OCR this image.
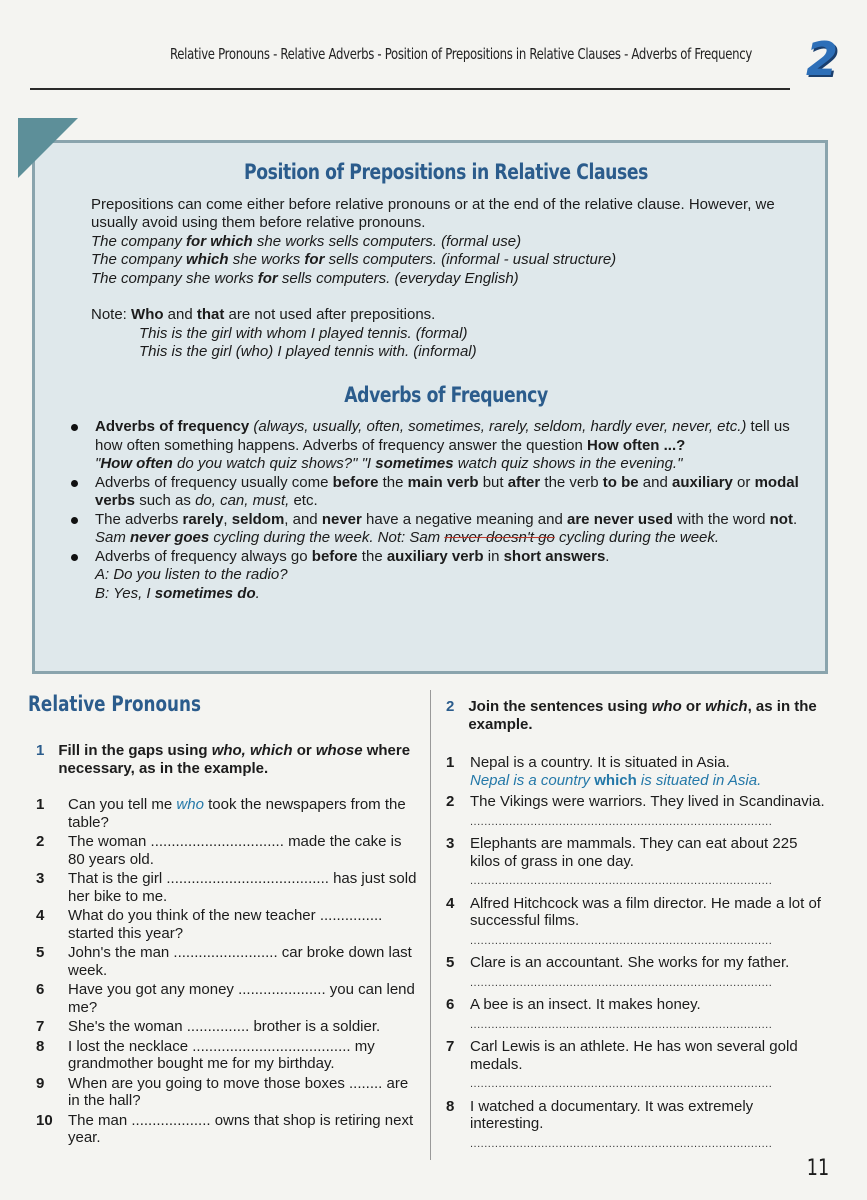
Relative Pronouns - Relative Adverbs - Position of Prepositions in Relative Clauses - Adverbs of Frequency 2
Position of Prepositions in Relative Clauses

Prepositions can come either before relative pronouns or at the end of the relative clause. However, we usually avoid using them before relative pronouns.

The company for which she works sells computers. (formal use)

The company which she works for sells computers. (informal - usual structure)

The company she works for sells computers. (everyday English)

Note: Who and that are not used after prepositions.

This is the girl with whom I played tennis. (formal)

This is the girl (who) I played tennis with. (informal)

Adverbs of Frequency
Adverbs of frequency (always, usually, often, sometimes, rarely, seldom, hardly ever, never, etc.) tell us how often something happens. Adverbs of frequency answer the question How often ...?
"How often do you watch quiz shows?" "I sometimes watch quiz shows in the evening."
Adverbs of frequency usually come before the main verb but after the verb to be and auxiliary or modal verbs such as do, can, must, etc.
The adverbs rarely, seldom, and never have a negative meaning and are never used with the word not.
Sam never goes cycling during the week. Not: Sam never doesn't go cycling during the week.
Adverbs of frequency always go before the auxiliary verb in short answers.
A: Do you listen to the radio?
B: Yes, I sometimes do.
Relative Pronouns
1 Fill in the gaps using who, which or whose where necessary, as in the example.
1	Can you tell me who took the newspapers from the table?
2	The woman ................................ made the cake is 80 years old.
3	That is the girl ....................................... has just sold her bike to me.
4	What do you think of the new teacher ............... started this year?
5	John's the man ......................... car broke down last week.
6	Have you got any money ..................... you can lend me?
7	She's the woman ............... brother is a soldier.
8	I lost the necklace ...................................... my grandmother bought me for my birthday.
9	When are you going to move those boxes ........ are in the hall?
10	The man ................... owns that shop is retiring next year.
2 Join the sentences using who or which, as in the example.
1	Nepal is a country. It is situated in Asia.
Nepal is a country which is situated in Asia.
2	The Vikings were warriors. They lived in Scandinavia.
.....................................................................................
3	Elephants are mammals. They can eat about 225 kilos of grass in one day.
.....................................................................................
4	Alfred Hitchcock was a film director. He made a lot of successful films.
.....................................................................................
5	Clare is an accountant. She works for my father.
.....................................................................................
6	A bee is an insect. It makes honey.
.....................................................................................
7	Carl Lewis is an athlete. He has won several gold medals.
.....................................................................................
8	I watched a documentary. It was extremely interesting.
.....................................................................................
11
